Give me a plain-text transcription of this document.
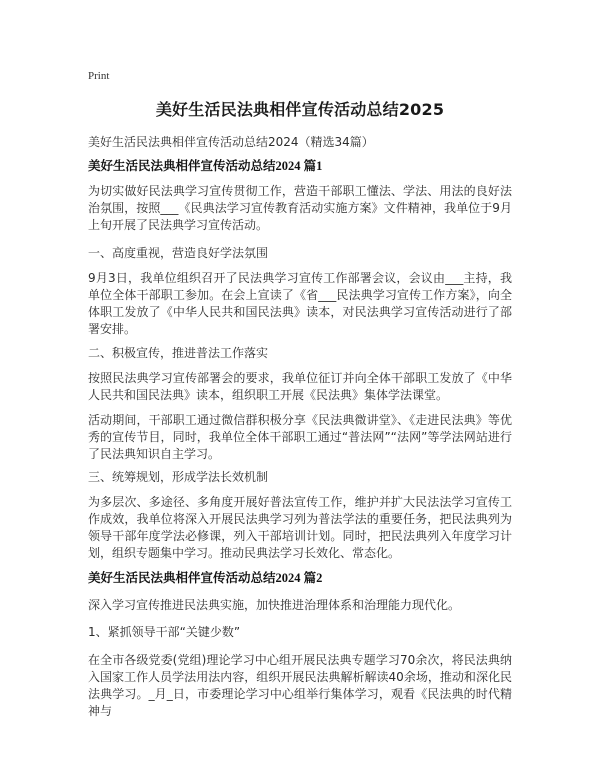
Print
美好生活民法典相伴宣传活动总结2025
美好生活民法典相伴宣传活动总结2024（精选34篇）
美好生活民法典相伴宣传活动总结2024 篇1
为切实做好民法典学习宣传贯彻工作，营造干部职工懂法、学法、用法的良好法治氛围，按照___《民典法学习宣传教育活动实施方案》文件精神，我单位于9月上旬开展了民法典学习宣传活动。
一、高度重视，营造良好学法氛围
9月3日，我单位组织召开了民法典学习宣传工作部署会议，会议由___主持，我单位全体干部职工参加。在会上宣读了《省___民法典学习宣传工作方案》，向全体职工发放了《中华人民共和国民法典》读本，对民法典学习宣传活动进行了部署安排。
二、积极宣传，推进普法工作落实
按照民法典学习宣传部署会的要求，我单位征订并向全体干部职工发放了《中华人民共和国民法典》读本，组织职工开展《民法典》集体学法课堂。
活动期间，干部职工通过微信群积极分享《民法典微讲堂》、《走进民法典》等优秀的宣传节目，同时，我单位全体干部职工通过“普法网”“法网”等学法网站进行了民法典知识自主学习。
三、统筹规划，形成学法长效机制
为多层次、多途径、多角度开展好普法宣传工作，维护并扩大民法法学习宣传工作成效，我单位将深入开展民法典学习列为普法学法的重要任务，把民法典列为领导干部年度学法必修课，列入干部培训计划。同时，把民法典列入年度学习计划，组织专题集中学习。推动民典法学习长效化、常态化。
美好生活民法典相伴宣传活动总结2024 篇2
深入学习宣传推进民法典实施，加快推进治理体系和治理能力现代化。
1、紧抓领导干部“关键少数”
在全市各级党委(党组)理论学习中心组开展民法典专题学习70余次，将民法典纳入国家工作人员学法用法内容，组织开展民法典解析解读40余场，推动和深化民法典学习。_月_日，市委理论学习中心组举行集体学习，观看《民法典的时代精神与
